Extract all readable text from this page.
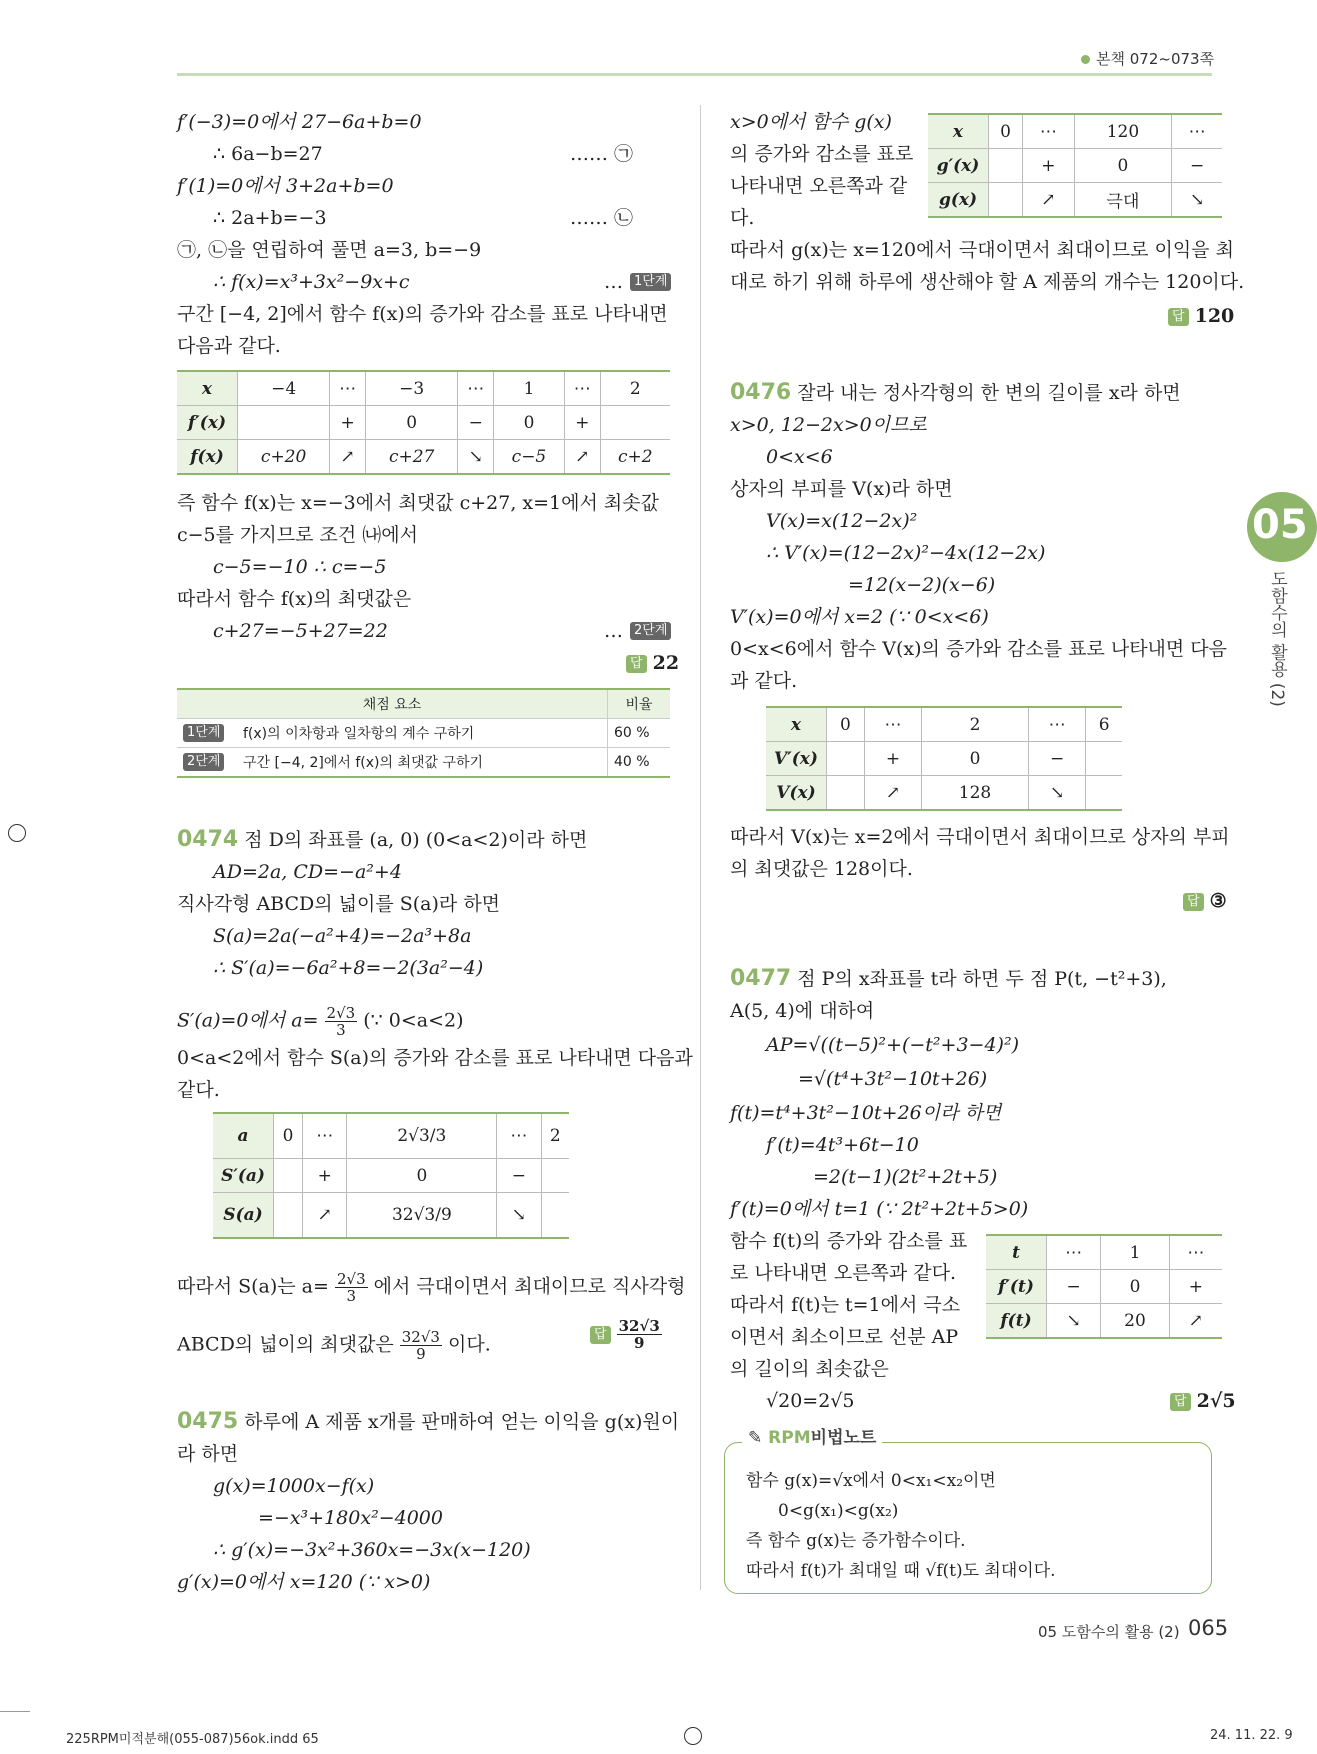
본책 072~073쪽
f′(−3)=0에서 27−6a+b=0
∴ 6a−b=27	…… ㉠
f′(1)=0에서 3+2a+b=0
∴ 2a+b=−3	…… ㉡
㉠, ㉡을 연립하여 풀면 a=3, b=−9
∴ f(x)=x³+3x²−9x+c	… 1단계
구간 [−4, 2]에서 함수 f(x)의 증가와 감소를 표로 나타내면
다음과 같다.
x	−4	⋯	−3	⋯	1	⋯	2
f′(x)		+	0	−	0	+	
f(x)	c+20	↗	c+27	↘	c−5	↗	c+2
즉 함수 f(x)는 x=−3에서 최댓값 c+27, x=1에서 최솟값
c−5를 가지므로 조건 ㈏에서
c−5=−10 ∴ c=−5
따라서 함수 f(x)의 최댓값은
c+27=−5+27=22	… 2단계
답 22
채점 요소		비율
1단계	f(x)의 이차항과 일차항의 계수 구하기	60 %
2단계	구간 [−4, 2]에서 f(x)의 최댓값 구하기	40 %
0474 점 D의 좌표를 (a, 0) (0<a<2)이라 하면
AD=2a, CD=−a²+4
직사각형 ABCD의 넓이를 S(a)라 하면
S(a)=2a(−a²+4)=−2a³+8a
∴ S′(a)=−6a²+8=−2(3a²−4)
S′(a)=0에서 $a= \frac{2√3}{3}$ (∵ 0<a<2)
0<a<2에서 함수 S(a)의 증가와 감소를 표로 나타내면 다음과
같다.
a	0	⋯	2√3/3	⋯	2
S′(a)		+	0	−	
S(a)		↗	32√3/9	↘	
따라서 S(a)는 $a= \frac{2√3}{3}$ 에서 극대이면서 최대이므로 직사각형
ABCD의 넓이의 최댓값은 $\frac{32√3}{9}$ 이다.	답 $\frac{32√3}{9}$
0475 하루에 A 제품 x개를 판매하여 얻는 이익을 g(x)원이
라 하면
g(x)=1000x−f(x)
=−x³+180x²−4000
∴ g′(x)=−3x²+360x=−3x(x−120)
g′(x)=0에서 x=120 (∵ x>0)
x>0에서 함수 g(x)
의 증가와 감소를 표로
나타내면 오른쪽과 같
다.
x	0	⋯	120	⋯
g′(x)		+	0	−
g(x)		↗	극대	↘
따라서 g(x)는 x=120에서 극대이면서 최대이므로 이익을 최
대로 하기 위해 하루에 생산해야 할 A 제품의 개수는 120이다.
답 120
0476 잘라 내는 정사각형의 한 변의 길이를 x라 하면
x>0, 12−2x>0이므로
0<x<6
상자의 부피를 V(x)라 하면
V(x)=x(12−2x)²
∴ V′(x)=(12−2x)²−4x(12−2x)
=12(x−2)(x−6)
V′(x)=0에서 x=2 (∵ 0<x<6)
0<x<6에서 함수 V(x)의 증가와 감소를 표로 나타내면 다음
과 같다.
x	0	⋯	2	⋯	6
V′(x)		+	0	−	
V(x)		↗	128	↘	
따라서 V(x)는 x=2에서 극대이면서 최대이므로 상자의 부피
의 최댓값은 128이다.
답 ③
0477 점 P의 x좌표를 t라 하면 두 점 P(t, −t²+3),
A(5, 4)에 대하여
AP=√((t−5)²+(−t²+3−4)²)
=√(t⁴+3t²−10t+26)
f(t)=t⁴+3t²−10t+26이라 하면
f′(t)=4t³+6t−10
=2(t−1)(2t²+2t+5)
f′(t)=0에서 t=1 (∵ 2t²+2t+5>0)
함수 f(t)의 증가와 감소를 표
로 나타내면 오른쪽과 같다.
따라서 f(t)는 t=1에서 극소
이면서 최소이므로 선분 AP
의 길이의 최솟값은
√20=2√5	답 2√5
t	⋯	1	⋯
f′(t)	−	0	+
f(t)	↘	20	↗
✎ RPM비법노트
함수 g(x)=√x에서 0<x₁<x₂이면
0<g(x₁)<g(x₂)
즉 함수 g(x)는 증가함수이다.
따라서 f(t)가 최대일 때 √f(t)도 최대이다.
05
도함수의 활용 (2)
05 도함수의 활용 (2) 065
225RPM미적분해(055-087)56ok.indd 65	24. 11. 22. 9
